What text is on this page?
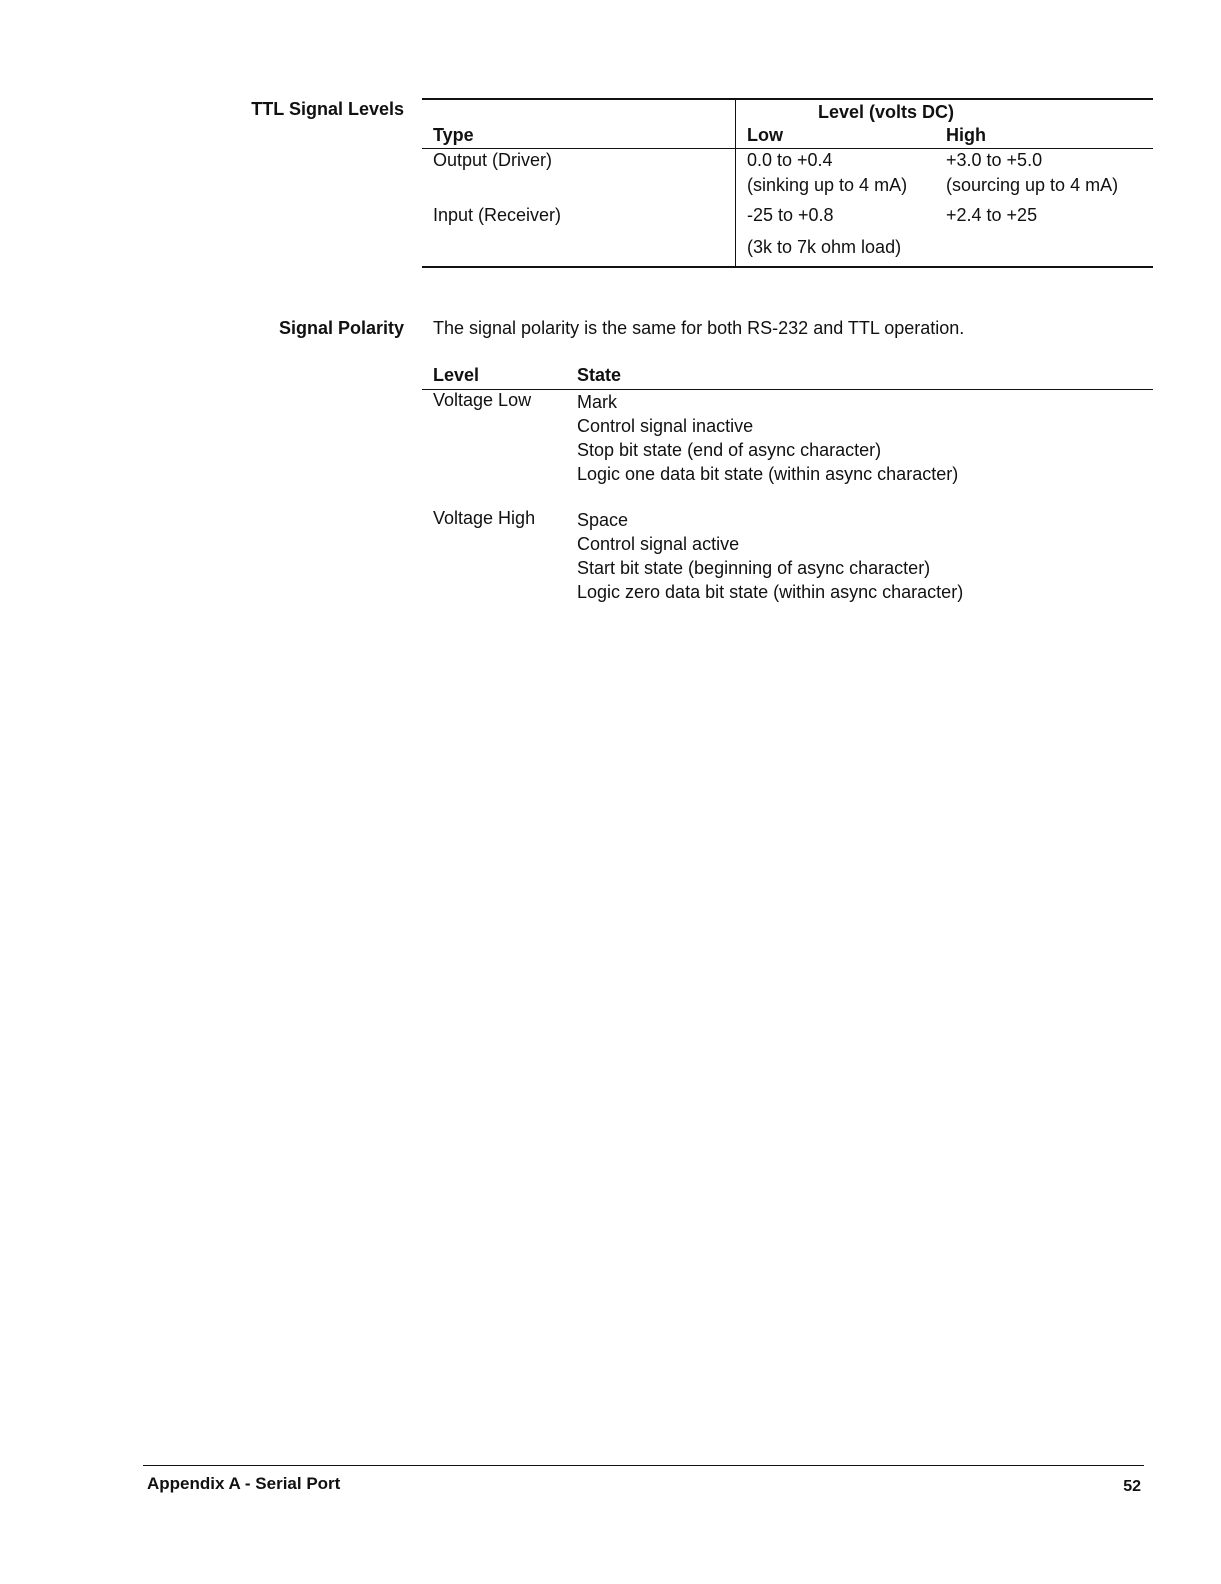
TTL Signal Levels	Level (volts DC)
Type	Low	High
Output (Driver)	0.0 to +0.4	+3.0 to +5.0
(sinking up to 4 mA) (sourcing up to 4 mA)
Input (Receiver)	-25 to +0.8	+2.4 to +25
(3k to 7k ohm load)
Signal Polarity The signal polarity is the same for both RS-232 and TTL operation.
Level	State
Voltage Low	Mark
Control signal inactive
Stop bit state (end of async character)
Logic one data bit state (within async character)
Voltage High Space
Control signal active
Start bit state (beginning of async character)
Logic zero data bit state (within async character)
Appendix A - Serial Port	52
